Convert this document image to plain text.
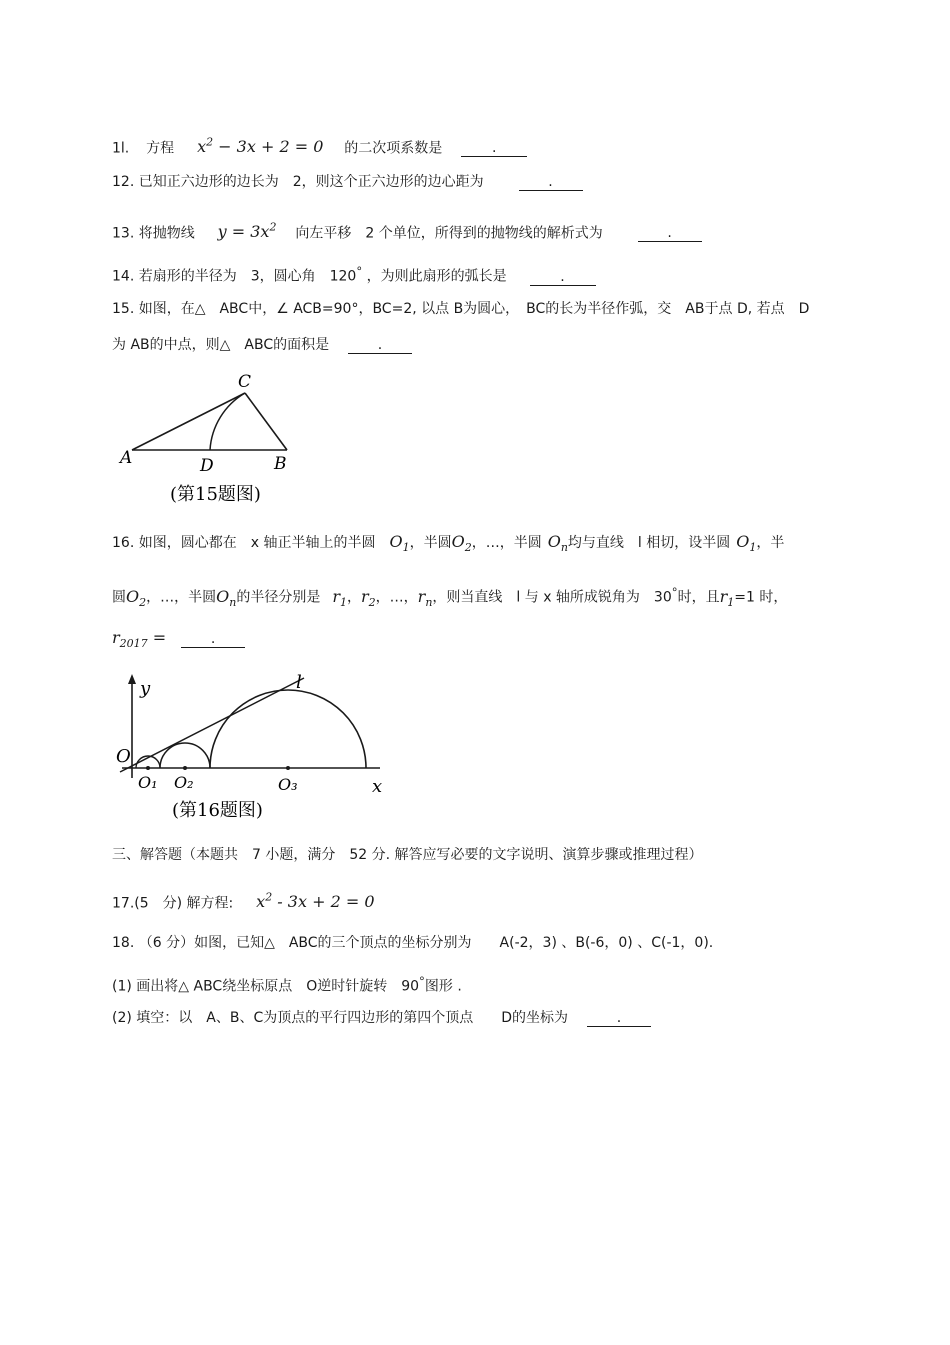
1l. 方程 $x^2 - 3x + 2 = 0$ 的二次项系数是	.
12. 已知正六边形的边长为　2，则这个正六边形的边心距为	.
13. 将抛物线 $y = 3x^2$ 向左平移　2 个单位，所得到的抛物线的解析式为	.
14. 若扇形的半径为　3，圆心角　120° ，为则此扇形的弧长是	.
15. 如图，在△　ABC中，∠ ACB=90°，BC=2, 以点 B为圆心，　BC的长为半径作弧，交　AB于点 D, 若点　D
为 AB的中点，则△　ABC的面积是	.
C
A	D	B
(第15题图)
16. 如图，圆心都在　x 轴正半轴上的半圆 $O_1$，半圆$O_2$，…，半圆 $O_n$均与直线　l 相切，设半圆 $O_1$，半
圆$O_2$，…，半圆$O_n$的半径分别是 $r_1$，$r_2$，…，$r_n$，则当直线　l 与 x 轴所成锐角为　30°时，且$r_1=1$ 时，
$r_{2017}$ =	.
y	l
O
O₁ O₂	O₃	x
(第16题图)
三、解答题（本题共　7 小题，满分　52 分. 解答应写必要的文字说明、演算步骤或推理过程）
17.(5　分) 解方程: $x^2 - 3x + 2 = 0$
18. （6 分）如图，已知△　ABC的三个顶点的坐标分别为　　A(-2，3) 、B(-6，0) 、C(-1，0).
(1) 画出将△ ABC绕坐标原点　O逆时针旋转　90°图形 .
(2) 填空：以　A、B、C为顶点的平行四边形的第四个顶点　　D的坐标为	.
